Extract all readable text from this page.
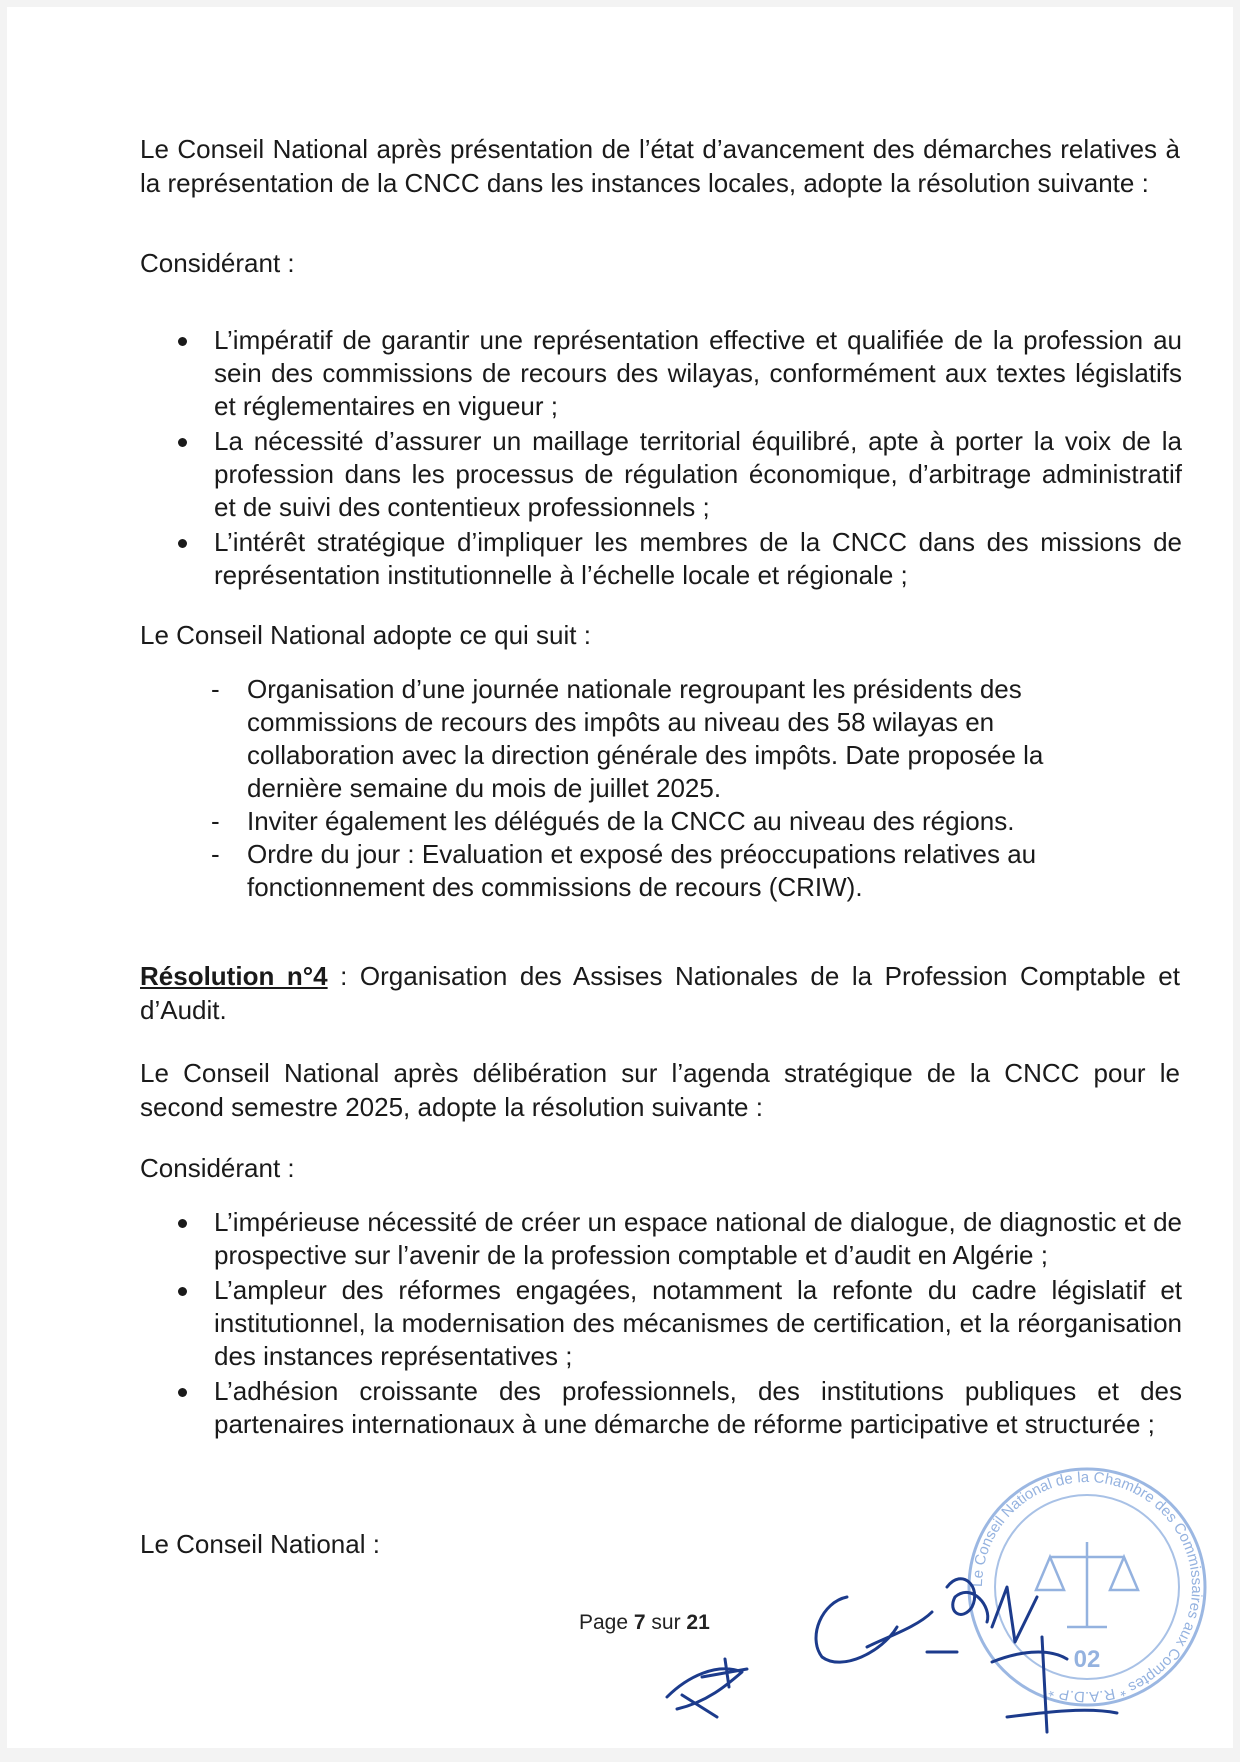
Le Conseil National après présentation de l’état d’avancement des démarches relatives à la représentation de la CNCC dans les instances locales, adopte la résolution suivante :

Considérant :
L’impératif de garantir une représentation effective et qualifiée de la profession au sein des commissions de recours des wilayas, conformément aux textes législatifs et réglementaires en vigueur ;
La nécessité d’assurer un maillage territorial équilibré, apte à porter la voix de la profession dans les processus de régulation économique, d’arbitrage administratif et de suivi des contentieux professionnels ;
L’intérêt stratégique d’impliquer les membres de la CNCC dans des missions de représentation institutionnelle à l’échelle locale et régionale ;
Le Conseil National adopte ce qui suit :
- Organisation d’une journée nationale regroupant les présidents des commissions de recours des impôts au niveau des 58 wilayas en collaboration avec la direction générale des impôts. Date proposée la dernière semaine du mois de juillet 2025.
- Inviter également les délégués de la CNCC au niveau des régions.
- Ordre du jour : Evaluation et exposé des préoccupations relatives au fonctionnement des commissions de recours (CRIW).

Résolution n°4 : Organisation des Assises Nationales de la Profession Comptable et d’Audit.

Le Conseil National après délibération sur l’agenda stratégique de la CNCC pour le second semestre 2025, adopte la résolution suivante :

Considérant :
L’impérieuse nécessité de créer un espace national de dialogue, de diagnostic et de prospective sur l’avenir de la profession comptable et d’audit en Algérie ;
L’ampleur des réformes engagées, notamment la refonte du cadre législatif et institutionnel, la modernisation des mécanismes de certification, et la réorganisation des instances représentatives ;
L’adhésion croissante des professionnels, des institutions publiques et des partenaires internationaux à une démarche de réforme participative et structurée ;
Le Conseil National :
Le Conseil National de la Chambre des Commissaires aux Comptes * R.A.D.P *
02
Page 7 sur 21
